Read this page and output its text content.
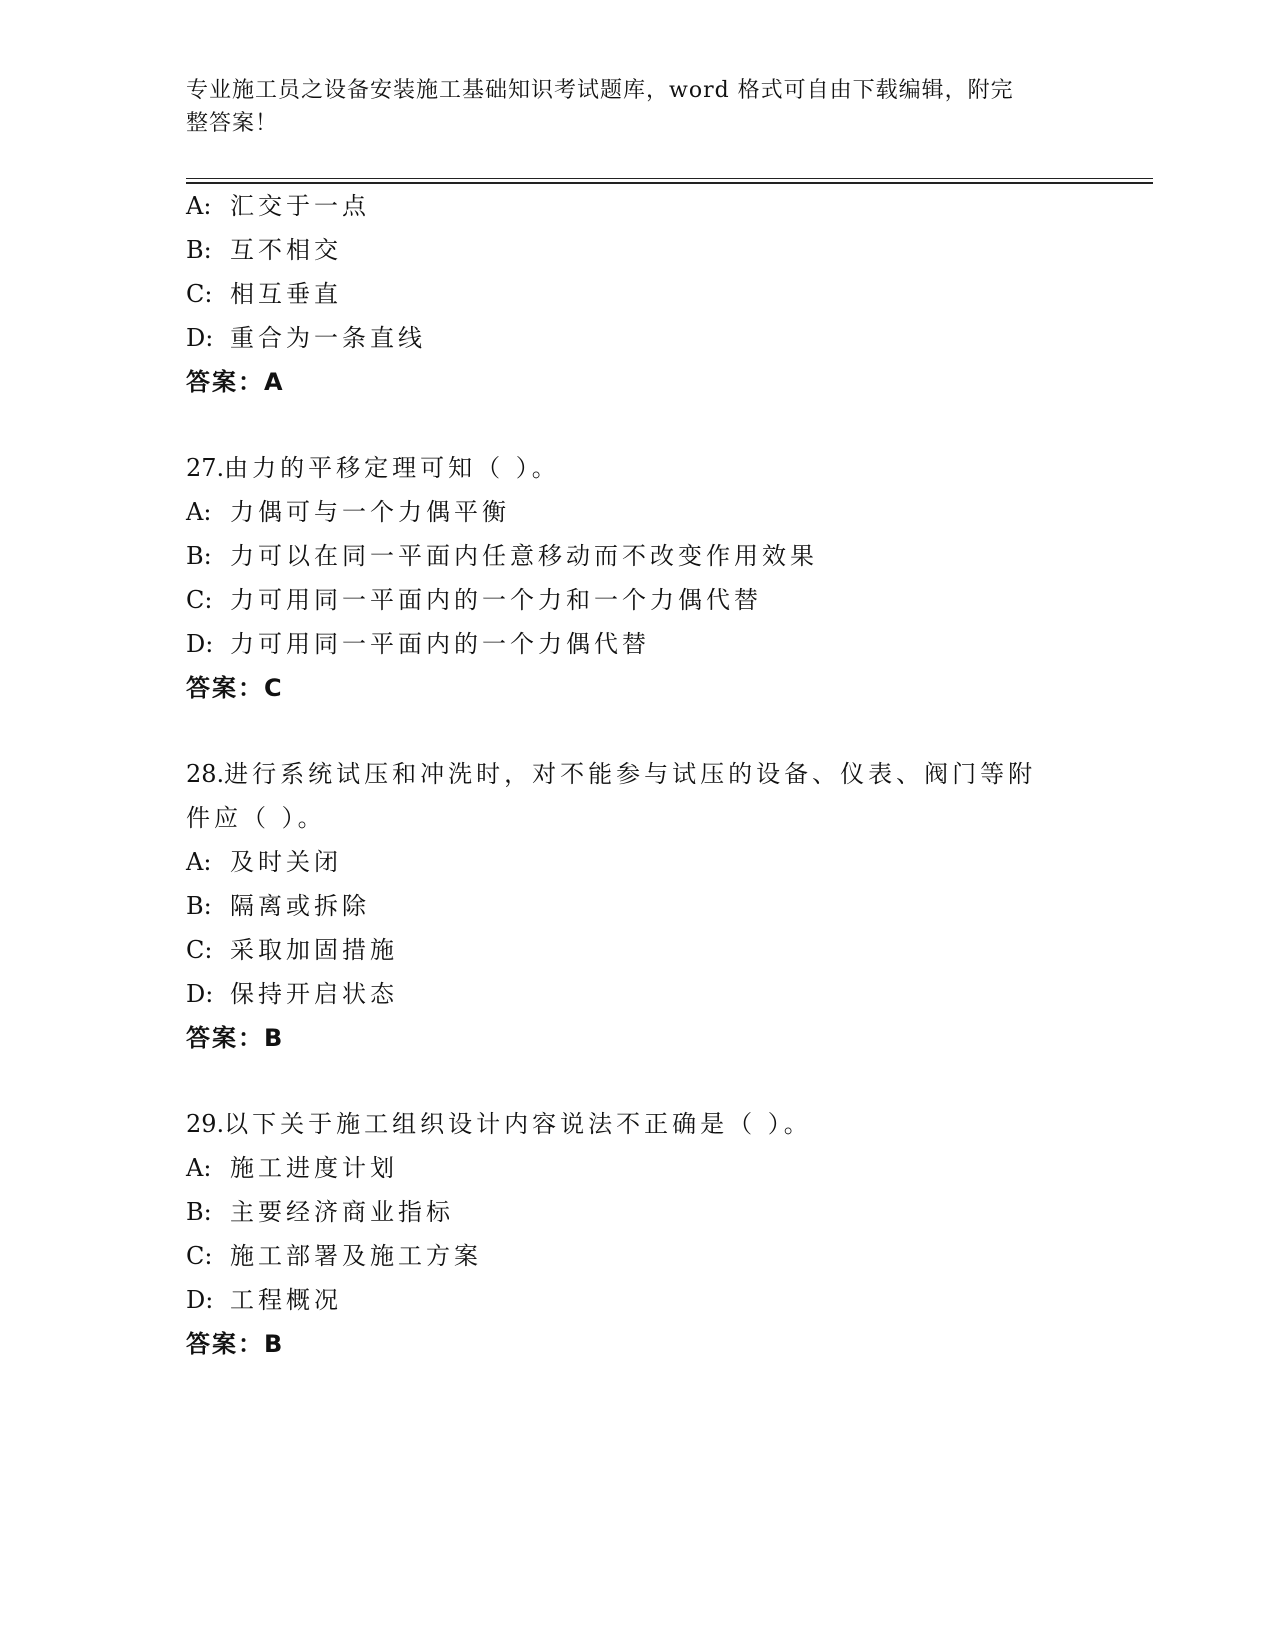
专业施工员之设备安装施工基础知识考试题库，word 格式可自由下载编辑，附完
整答案！
A: 汇交于一点
B: 互不相交
C: 相互垂直
D: 重合为一条直线
答案：A
27.由力的平移定理可知（ ）。
A: 力偶可与一个力偶平衡
B: 力可以在同一平面内任意移动而不改变作用效果
C: 力可用同一平面内的一个力和一个力偶代替
D: 力可用同一平面内的一个力偶代替
答案：C
28.进行系统试压和冲洗时，对不能参与试压的设备、仪表、阀门等附
件应（ ）。
A: 及时关闭
B: 隔离或拆除
C: 采取加固措施
D: 保持开启状态
答案：B
29.以下关于施工组织设计内容说法不正确是（ ）。
A: 施工进度计划
B: 主要经济商业指标
C: 施工部署及施工方案
D: 工程概况
答案：B
